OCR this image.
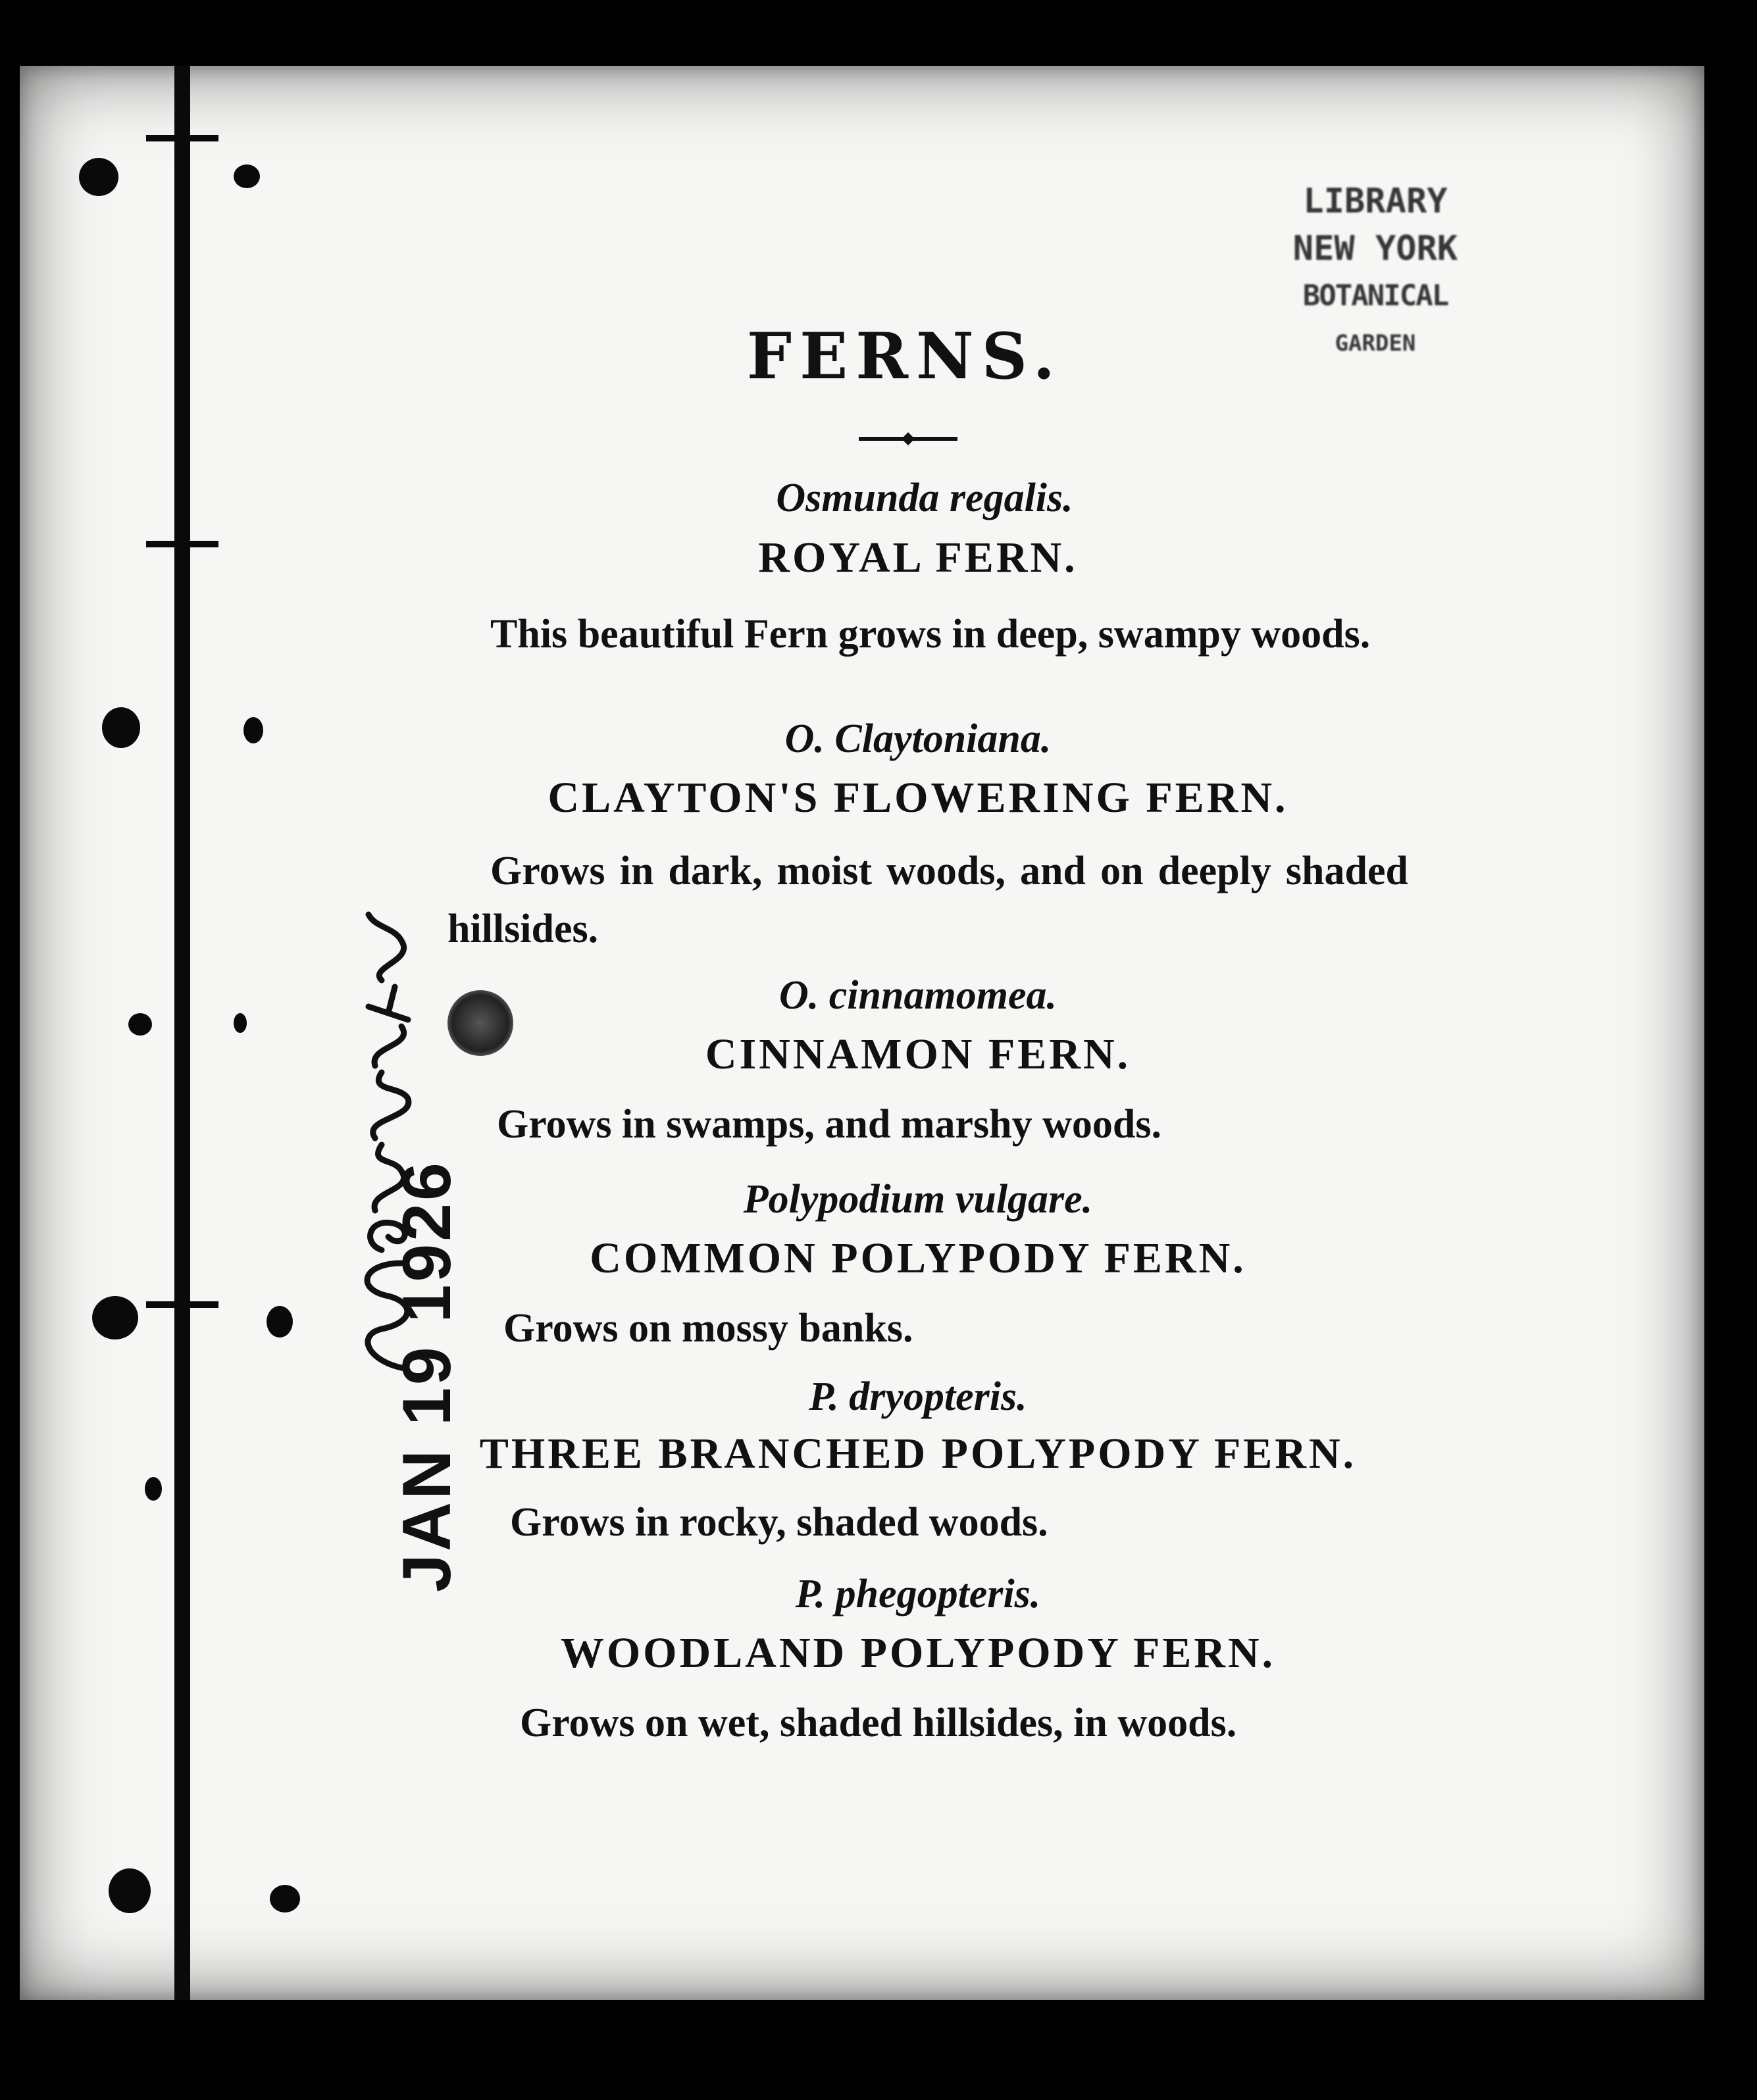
LIBRARY
NEW YORK
BOTANICAL
GARDEN
FERNS.
Osmunda regalis.
ROYAL FERN.
This beautiful Fern grows in deep, swampy woods.
O. Claytoniana.
CLAYTON'S FLOWERING FERN.
Grows in dark, moist woods, and on deeply shaded hillsides.
O. cinnamomea.
CINNAMON FERN.
Grows in swamps, and marshy woods.
Polypodium vulgare.
COMMON POLYPODY FERN.
Grows on mossy banks.
P. dryopteris.
THREE BRANCHED POLYPODY FERN.
Grows in rocky, shaded woods.
P. phegopteris.
WOODLAND POLYPODY FERN.
Grows on wet, shaded hillsides, in woods.
JAN 19 1926
Barnhart-Lk
